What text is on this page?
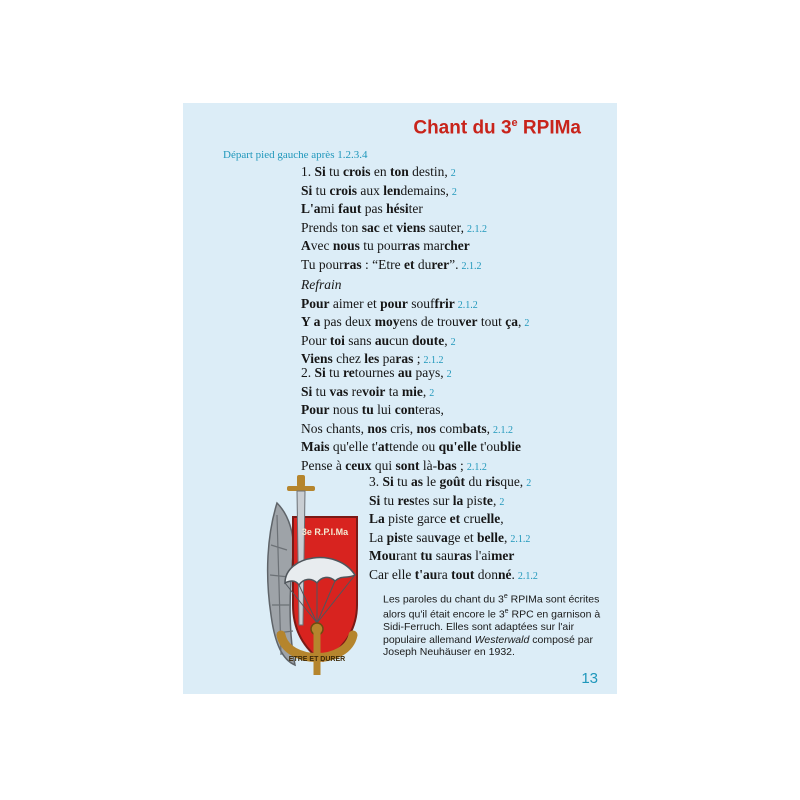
Chant du 3e RPIMa
Départ pied gauche après 1.2.3.4
1. Si tu crois en ton destin, 2
Si tu crois aux lendemains, 2
L'ami faut pas hésiter
Prends ton sac et viens sauter, 2.1.2
Avec nous tu pourras marcher
Tu pourras : “Etre et durer”. 2.1.2
Refrain
Pour aimer et pour souffrir 2.1.2
Y a pas deux moyens de trouver tout ça, 2
Pour toi sans aucun doute, 2
Viens chez les paras ; 2.1.2
2. Si tu retournes au pays, 2
Si tu vas revoir ta mie, 2
Pour nous tu lui conteras,
Nos chants, nos cris, nos combats, 2.1.2
Mais qu'elle t'attende ou qu'elle t'oublie
Pense à ceux qui sont là-bas ; 2.1.2
3. Si tu as le goût du risque, 2
Si tu restes sur la piste, 2
La piste garce et cruelle,
La piste sauvage et belle, 2.1.2
Mourant tu sauras l'aimer
Car elle t'aura tout donné. 2.1.2
3e R.P.I.Ma
ETRE ET DURER
Les paroles du chant du 3e RPIMa sont écrites alors qu'il était encore le 3e RPC en garnison à Sidi-Ferruch. Elles sont adaptées sur l'air populaire allemand Westerwald composé par Joseph Neuhäuser en 1932.
13
